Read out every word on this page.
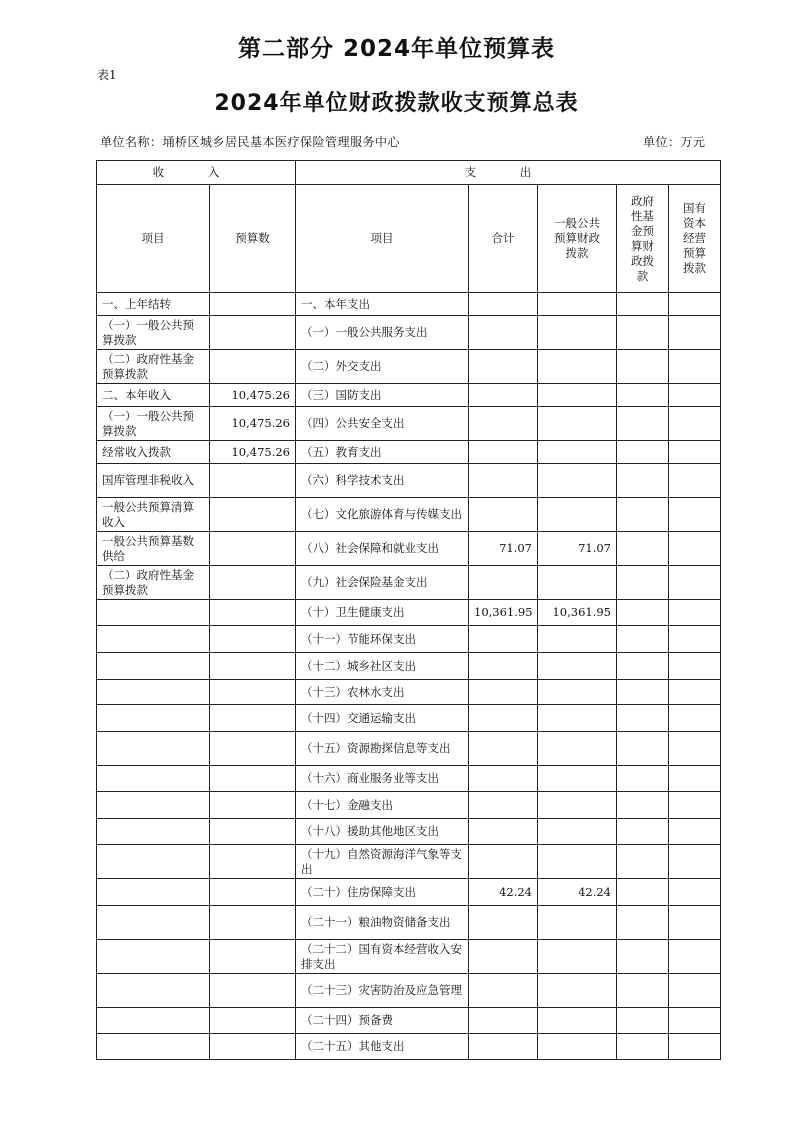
第二部分 2024年单位预算表
表1
2024年单位财政拨款收支预算总表
单位名称：埇桥区城乡居民基本医疗保险管理服务中心	单位：万元
收 入		支 出				
项目	预算数	项目	合计	一般公共预算财政拨款	政府性基金预算财政拨款	国有资本经营预算拨款
一、上年结转		一、本年支出				
（一）一般公共预算拨款		（一）一般公共服务支出				
（二）政府性基金预算拨款		（二）外交支出				
二、本年收入	10,475.26	（三）国防支出				
（一）一般公共预算拨款	10,475.26	（四）公共安全支出				
经常收入拨款	10,475.26	（五）教育支出				
国库管理非税收入		（六）科学技术支出				
一般公共预算清算收入		（七）文化旅游体育与传媒支出				
一般公共预算基数供给		（八）社会保障和就业支出	71.07	71.07		
（二）政府性基金预算拨款		（九）社会保险基金支出				
		（十）卫生健康支出	10,361.95	10,361.95		
		（十一）节能环保支出				
		（十二）城乡社区支出				
		（十三）农林水支出				
		（十四）交通运输支出				
		（十五）资源勘探信息等支出				
		（十六）商业服务业等支出				
		（十七）金融支出				
		（十八）援助其他地区支出				
		（十九）自然资源海洋气象等支出				
		（二十）住房保障支出	42.24	42.24		
		（二十一）粮油物资储备支出				
		（二十二）国有资本经营收入安排支出				
		（二十三）灾害防治及应急管理				
		（二十四）预备费				
		（二十五）其他支出				
